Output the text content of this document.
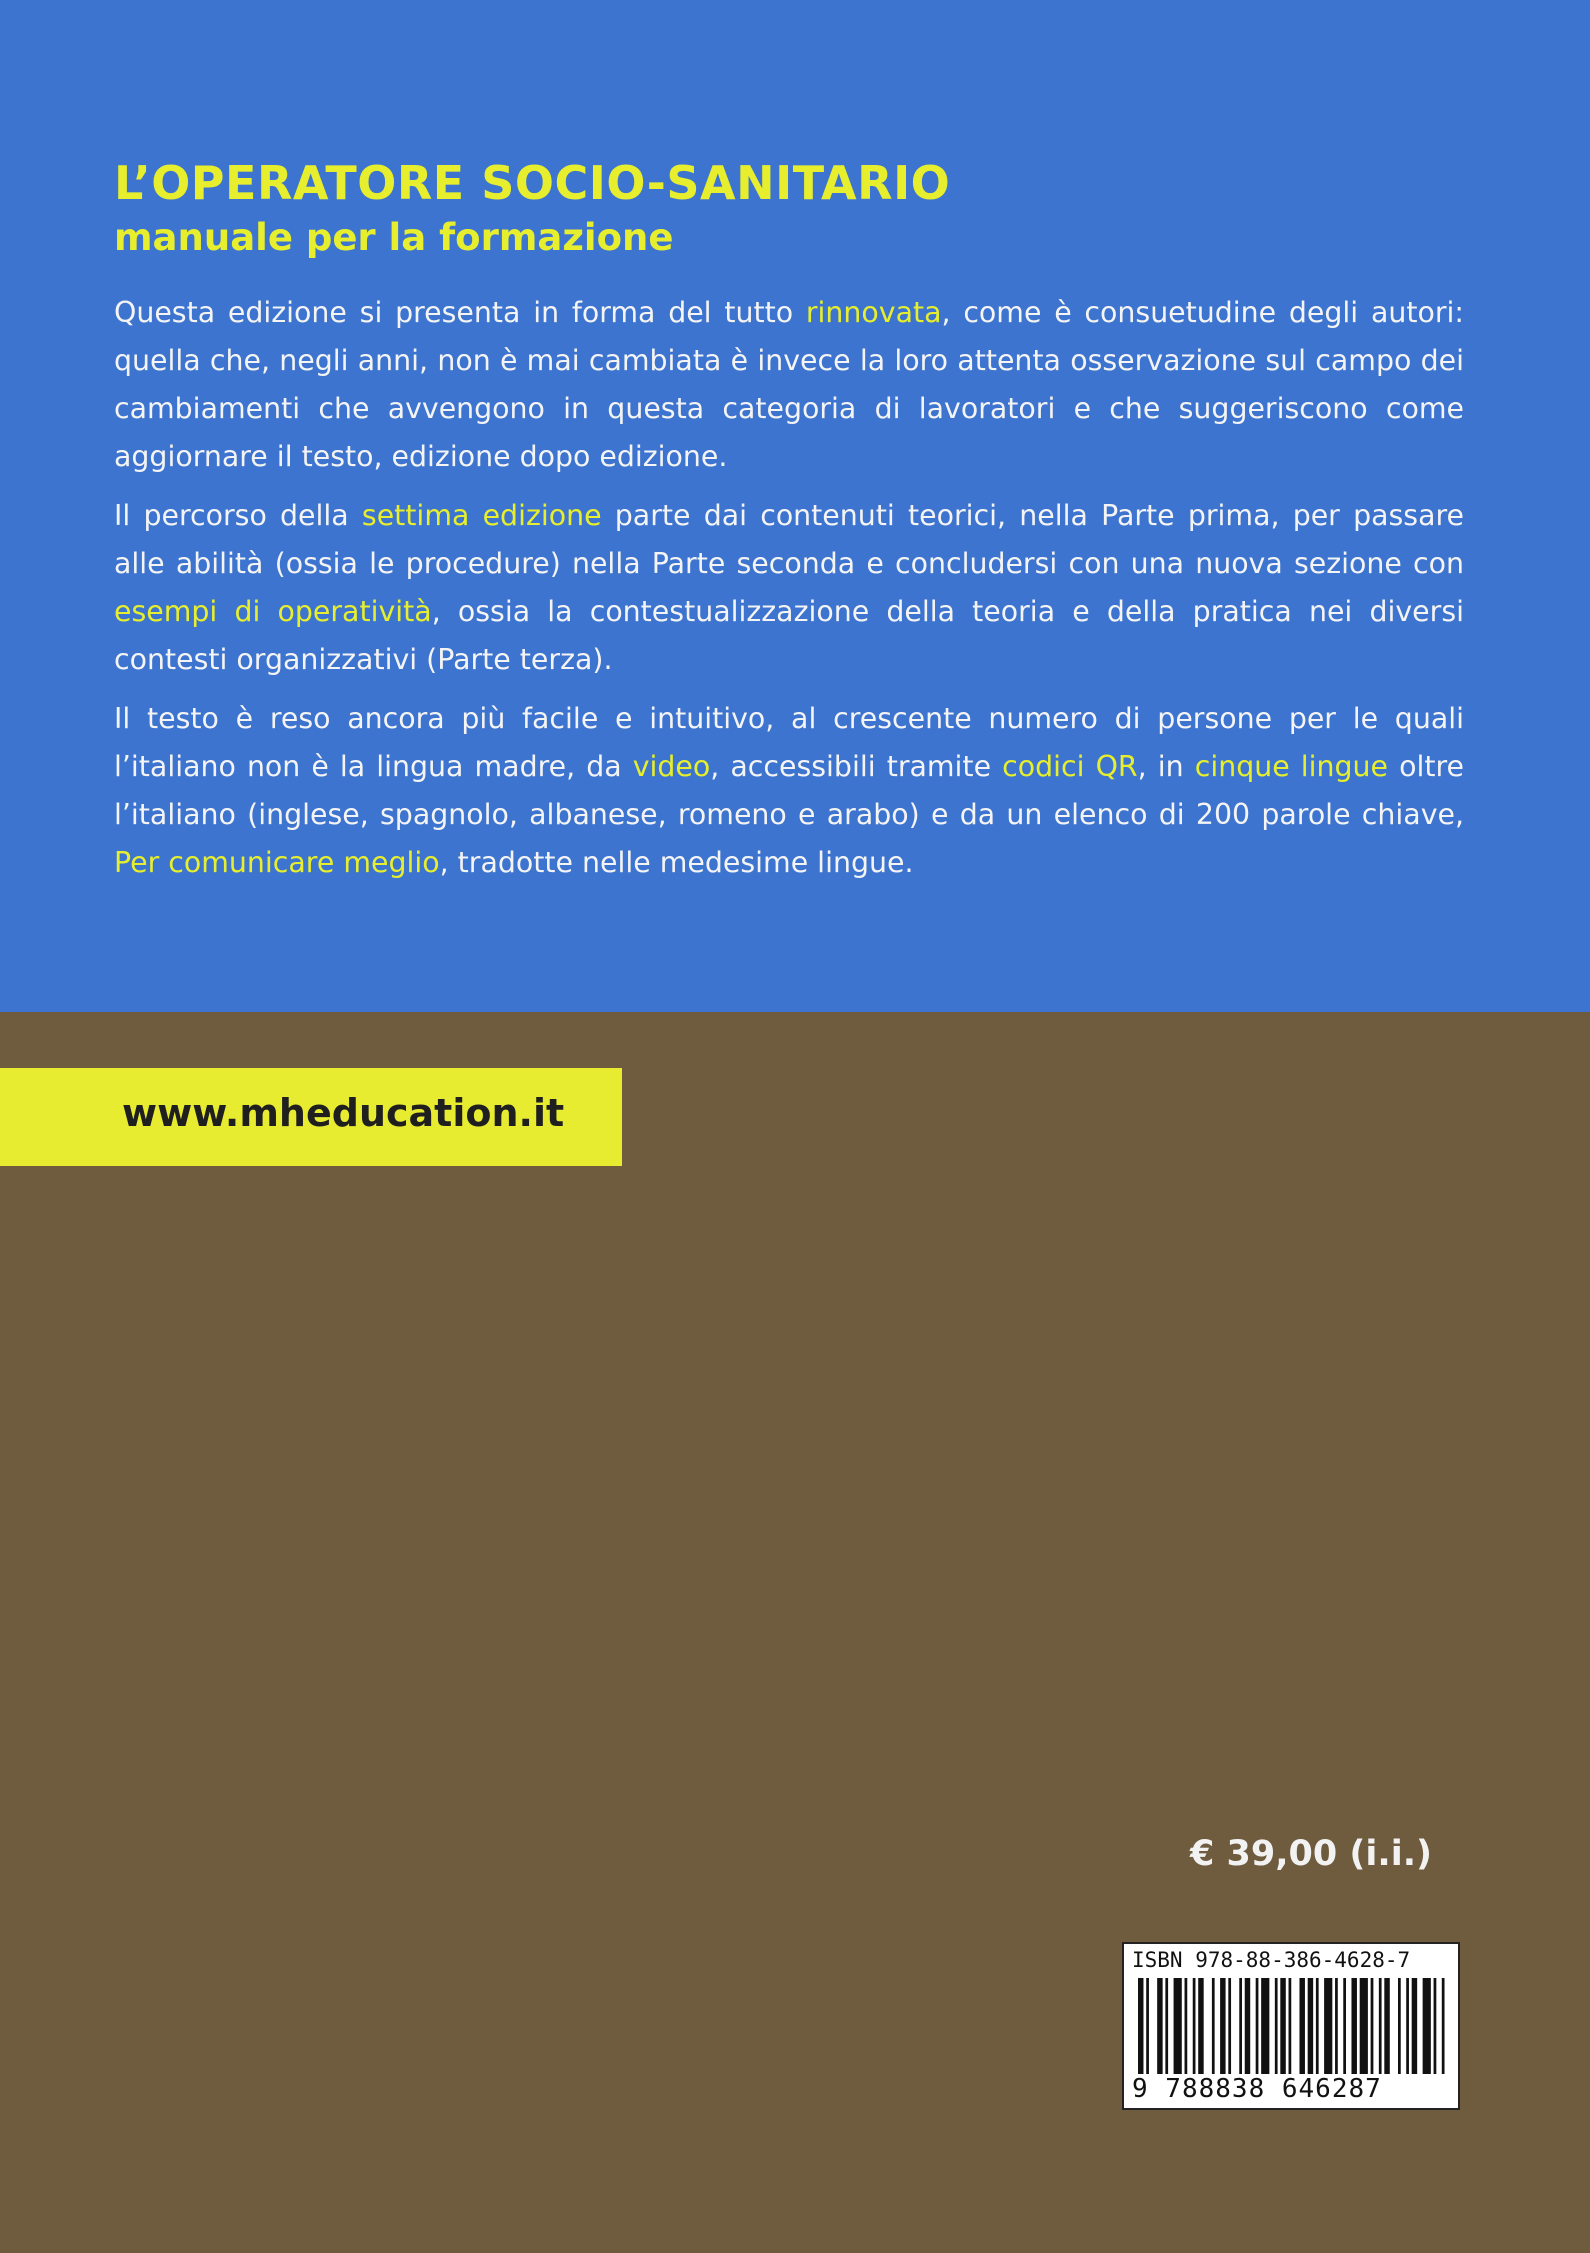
L’OPERATORE SOCIO-SANITARIO
manuale per la formazione

Questa edizione si presenta in forma del tutto rinnovata, come è consuetudine degli autori:
quella che, negli anni, non è mai cambiata è invece la loro attenta osservazione sul campo dei
cambiamenti che avvengono in questa categoria di lavoratori e che suggeriscono come
aggiornare il testo, edizione dopo edizione.

Il percorso della settima edizione parte dai contenuti teorici, nella Parte prima, per passare
alle abilità (ossia le procedure) nella Parte seconda e concludersi con una nuova sezione con
esempi di operatività, ossia la contestualizzazione della teoria e della pratica nei diversi
contesti organizzativi (Parte terza).

Il testo è reso ancora più facile e intuitivo, al crescente numero di persone per le quali
l’italiano non è la lingua madre, da video, accessibili tramite codici QR, in cinque lingue oltre
l’italiano (inglese, spagnolo, albanese, romeno e arabo) e da un elenco di 200 parole chiave,
Per comunicare meglio, tradotte nelle medesime lingue.

www.mheducation.it
€ 39,00 (i.i.)
ISBN 978-88-386-4628-7
9 788838 646287
